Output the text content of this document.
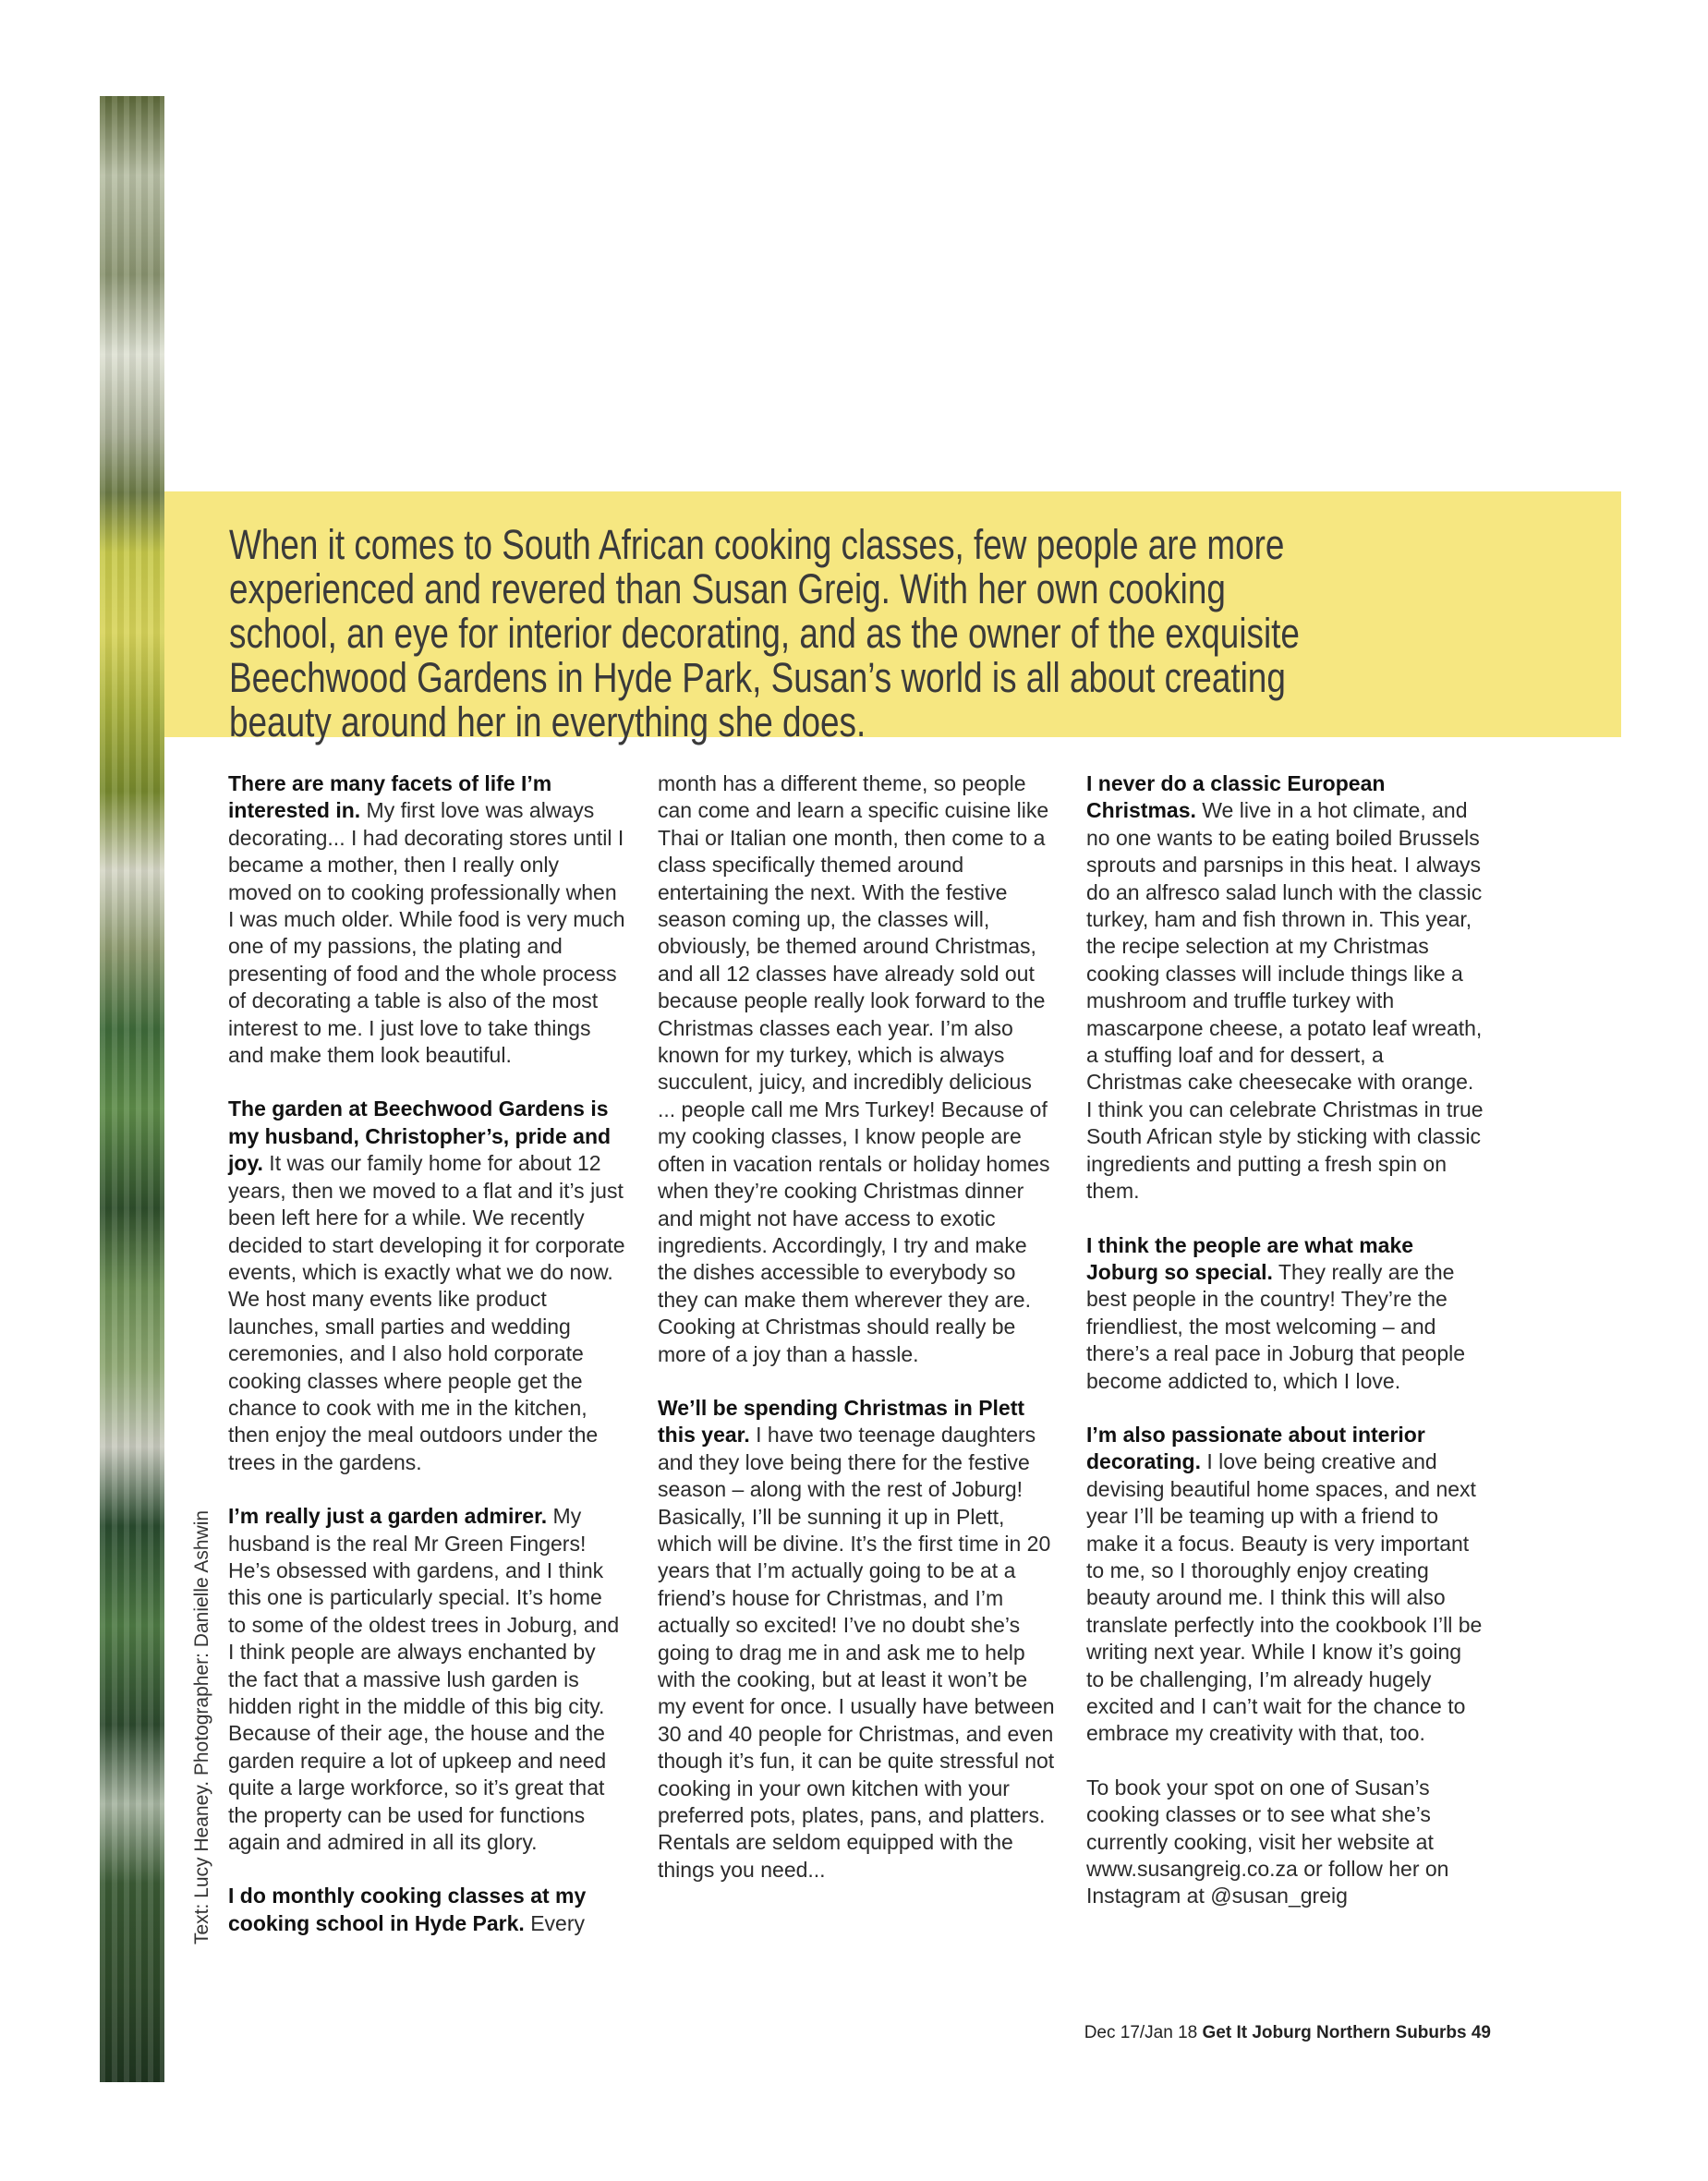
Text: Lucy Heaney. Photographer: Danielle Ashwin
When it comes to South African cooking classes, few people are more experienced and revered than Susan Greig. With her own cooking school, an eye for interior decorating, and as the owner of the exquisite Beechwood Gardens in Hyde Park, Susan’s world is all about creating beauty around her in everything she does.

There are many facets of life I’m interested in. My first love was always decorating... I had decorating stores until I became a mother, then I really only moved on to cooking professionally when I was much older. While food is very much one of my passions, the plating and presenting of food and the whole process of decorating a table is also of the most interest to me. I just love to take things and make them look beautiful.

The garden at Beechwood Gardens is my husband, Christopher’s, pride and joy. It was our family home for about 12 years, then we moved to a flat and it’s just been left here for a while. We recently decided to start developing it for corporate events, which is exactly what we do now. We host many events like product launches, small parties and wedding ceremonies, and I also hold corporate cooking classes where people get the chance to cook with me in the kitchen, then enjoy the meal outdoors under the trees in the gardens.

I’m really just a garden admirer. My husband is the real Mr Green Fingers! He’s obsessed with gardens, and I think this one is particularly special. It’s home to some of the oldest trees in Joburg, and I think people are always enchanted by the fact that a massive lush garden is hidden right in the middle of this big city. Because of their age, the house and the garden require a lot of upkeep and need quite a large workforce, so it’s great that the property can be used for functions again and admired in all its glory.

I do monthly cooking classes at my cooking school in Hyde Park. Every

month has a different theme, so people can come and learn a specific cuisine like Thai or Italian one month, then come to a class specifically themed around entertaining the next. With the festive season coming up, the classes will, obviously, be themed around Christmas, and all 12 classes have already sold out because people really look forward to the Christmas classes each year. I’m also known for my turkey, which is always succulent, juicy, and incredibly delicious ... people call me Mrs Turkey! Because of my cooking classes, I know people are often in vacation rentals or holiday homes when they’re cooking Christmas dinner and might not have access to exotic ingredients. Accordingly, I try and make the dishes accessible to everybody so they can make them wherever they are. Cooking at Christmas should really be more of a joy than a hassle.

We’ll be spending Christmas in Plett this year. I have two teenage daughters and they love being there for the festive season – along with the rest of Joburg! Basically, I’ll be sunning it up in Plett, which will be divine. It’s the first time in 20 years that I’m actually going to be at a friend’s house for Christmas, and I’m actually so excited! I’ve no doubt she’s going to drag me in and ask me to help with the cooking, but at least it won’t be my event for once. I usually have between 30 and 40 people for Christmas, and even though it’s fun, it can be quite stressful not cooking in your own kitchen with your preferred pots, plates, pans, and platters. Rentals are seldom equipped with the things you need...

I never do a classic European Christmas. We live in a hot climate, and no one wants to be eating boiled Brussels sprouts and parsnips in this heat. I always do an alfresco salad lunch with the classic turkey, ham and fish thrown in. This year, the recipe selection at my Christmas cooking classes will include things like a mushroom and truffle turkey with mascarpone cheese, a potato leaf wreath, a stuffing loaf and for dessert, a Christmas cake cheesecake with orange. I think you can celebrate Christmas in true South African style by sticking with classic ingredients and putting a fresh spin on them.

I think the people are what make Joburg so special. They really are the best people in the country! They’re the friendliest, the most welcoming – and there’s a real pace in Joburg that people become addicted to, which I love.

I’m also passionate about interior decorating. I love being creative and devising beautiful home spaces, and next year I’ll be teaming up with a friend to make it a focus. Beauty is very important to me, so I thoroughly enjoy creating beauty around me. I think this will also translate perfectly into the cookbook I’ll be writing next year. While I know it’s going to be challenging, I’m already hugely excited and I can’t wait for the chance to embrace my creativity with that, too.

To book your spot on one of Susan’s cooking classes or to see what she’s currently cooking, visit her website at www.susangreig.co.za or follow her on Instagram at @susan_greig

Dec 17/Jan 18 Get It Joburg Northern Suburbs 49
